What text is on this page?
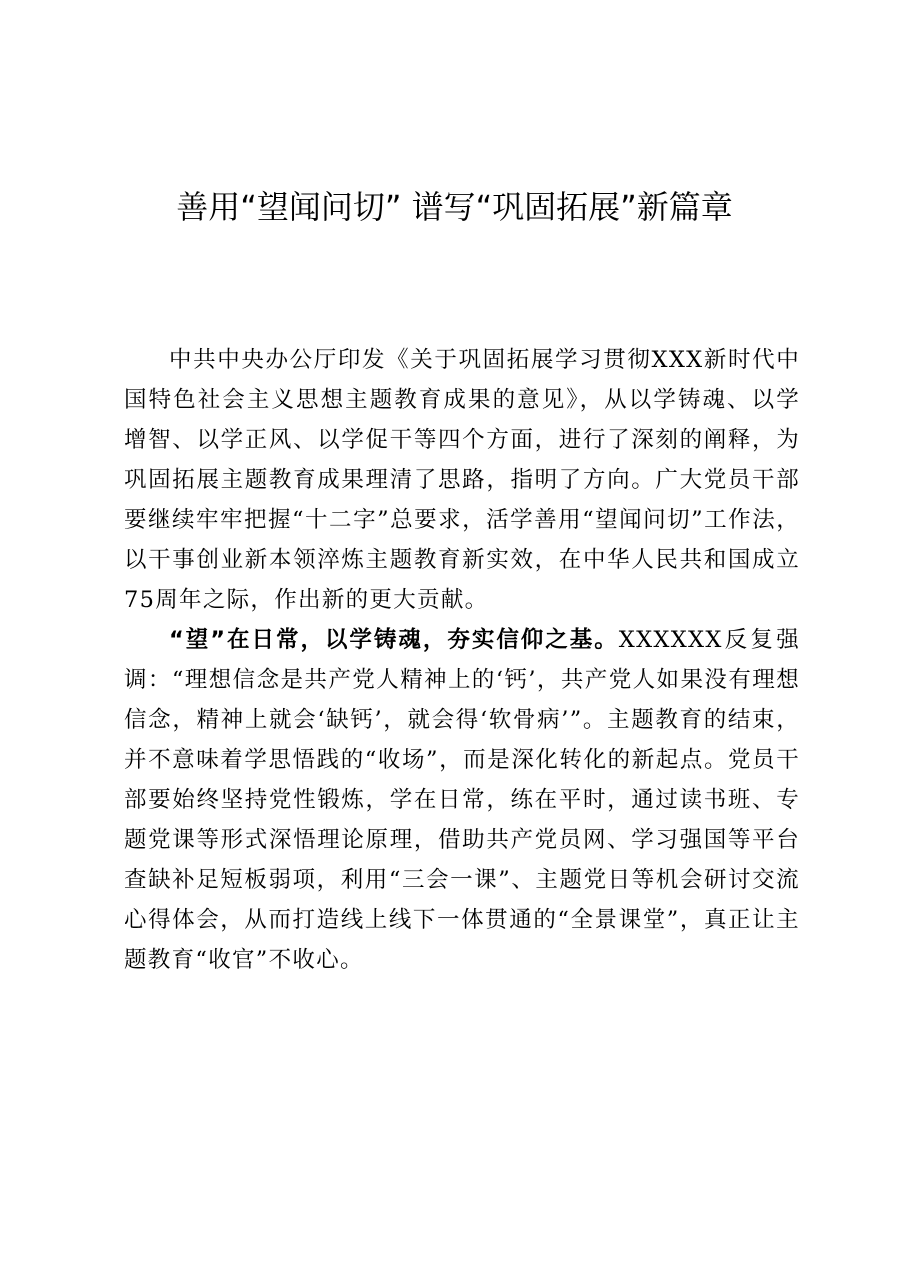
善用“望闻问切” 谱写“巩固拓展”新篇章

中共中央办公厅印发《关于巩固拓展学习贯彻XXX新时代中国特色社会主义思想主题教育成果的意见》，从以学铸魂、以学增智、以学正风、以学促干等四个方面，进行了深刻的阐释，为巩固拓展主题教育成果理清了思路，指明了方向。广大党员干部要继续牢牢把握“十二字”总要求，活学善用“望闻问切”工作法，以干事创业新本领淬炼主题教育新实效，在中华人民共和国成立75周年之际，作出新的更大贡献。

“望”在日常，以学铸魂，夯实信仰之基。XXXXXX反复强调：“理想信念是共产党人精神上的‘钙’，共产党人如果没有理想信念，精神上就会‘缺钙’，就会得‘软骨病’”。主题教育的结束，并不意味着学思悟践的“收场”，而是深化转化的新起点。党员干部要始终坚持党性锻炼，学在日常，练在平时，通过读书班、专题党课等形式深悟理论原理，借助共产党员网、学习强国等平台查缺补足短板弱项，利用“三会一课”、主题党日等机会研讨交流心得体会，从而打造线上线下一体贯通的“全景课堂”，真正让主题教育“收官”不收心。
